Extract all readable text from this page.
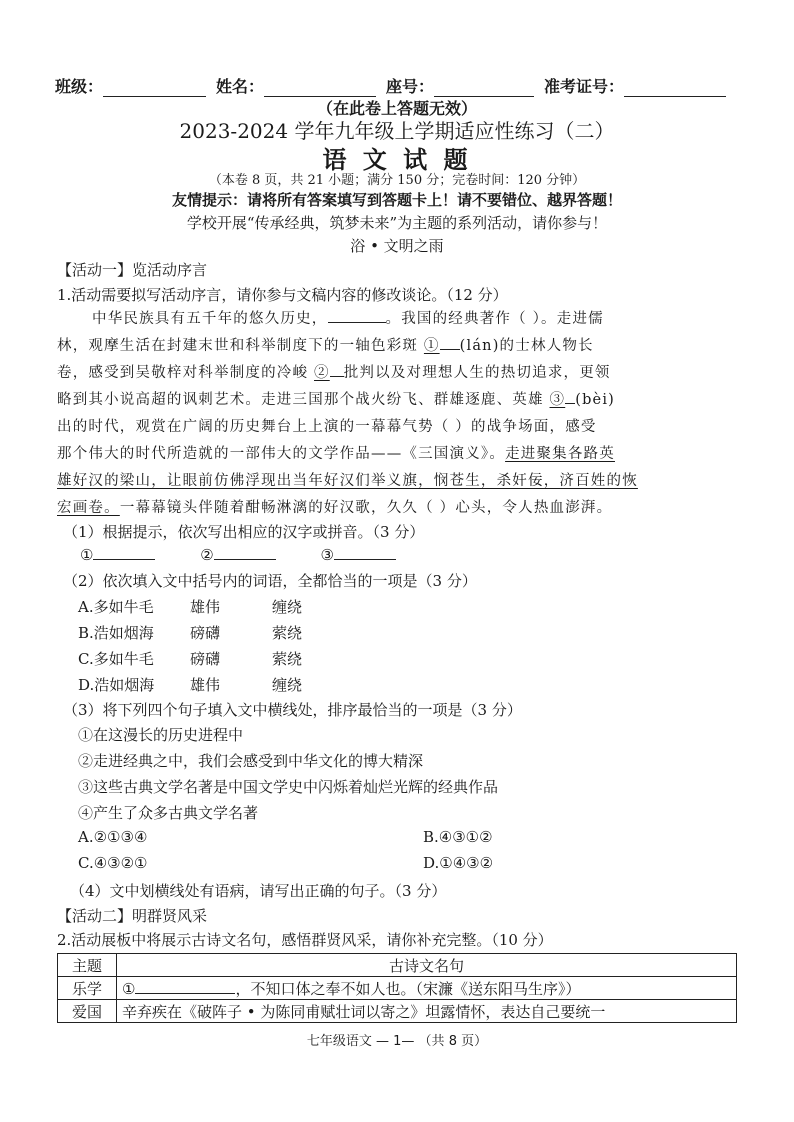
班级：	姓名：	座号：	准考证号：
（在此卷上答题无效）
2023-2024 学年九年级上学期适应性练习（二）
语 文 试 题
（本卷 8 页，共 21 小题；满分 150 分；完卷时间：120 分钟）
友情提示：请将所有答案填写到答题卡上！请不要错位、越界答题！
学校开展“传承经典，筑梦未来”为主题的系列活动，请你参与！
浴 • 文明之雨
【活动一】览活动序言
1.活动需要拟写活动序言，请你参与文稿内容的修改谈论。（12 分）
中华民族具有五千年的悠久历史，	。我国的经典著作（ ）。走进儒
林，观摩生活在封建末世和科举制度下的一轴色彩斑 ① (lán)的士林人物长
卷，感受到吴敬梓对科举制度的冷峻 ② 批判以及对理想人生的热切追求，更领
略到其小说高超的讽刺艺术。走进三国那个战火纷飞、群雄逐鹿、英雄 ③ (bèi)
出的时代，观赏在广阔的历史舞台上上演的一幕幕气势（ ）的战争场面，感受
那个伟大的时代所造就的一部伟大的文学作品——《三国演义》。走进聚集各路英
雄好汉的梁山，让眼前仿佛浮现出当年好汉们举义旗，悯苍生，杀奸佞，济百姓的恢
宏画卷。一幕幕镜头伴随着酣畅淋漓的好汉歌，久久（ ）心头，令人热血澎湃。
（1）根据提示，依次写出相应的汉字或拼音。（3 分）
①	②	③
（2）依次填入文中括号内的词语，全都恰当的一项是（3 分）
A.多如牛毛 雄伟	缠绕
B.浩如烟海 磅礴	萦绕
C.多如牛毛 磅礴	萦绕
D.浩如烟海 雄伟	缠绕
（3）将下列四个句子填入文中横线处，排序最恰当的一项是（3 分）
①在这漫长的历史进程中
②走进经典之中，我们会感受到中华文化的博大精深
③这些古典文学名著是中国文学史中闪烁着灿烂光辉的经典作品
④产生了众多古典文学名著
A.②①③④	B.④③①②
C.④③②①	D.①④③②
（4）文中划横线处有语病，请写出正确的句子。（3 分）
【活动二】明群贤风采
2.活动展板中将展示古诗文名句，感悟群贤风采，请你补充完整。（10 分）
主题	古诗文名句
乐学	① ，不知口体之奉不如人也。（宋濂《送东阳马生序》）
爱国	辛弃疾在《破阵子 • 为陈同甫赋壮词以寄之》坦露情怀，表达自己要统一
七年级语文 — 1— （共 8 页）
